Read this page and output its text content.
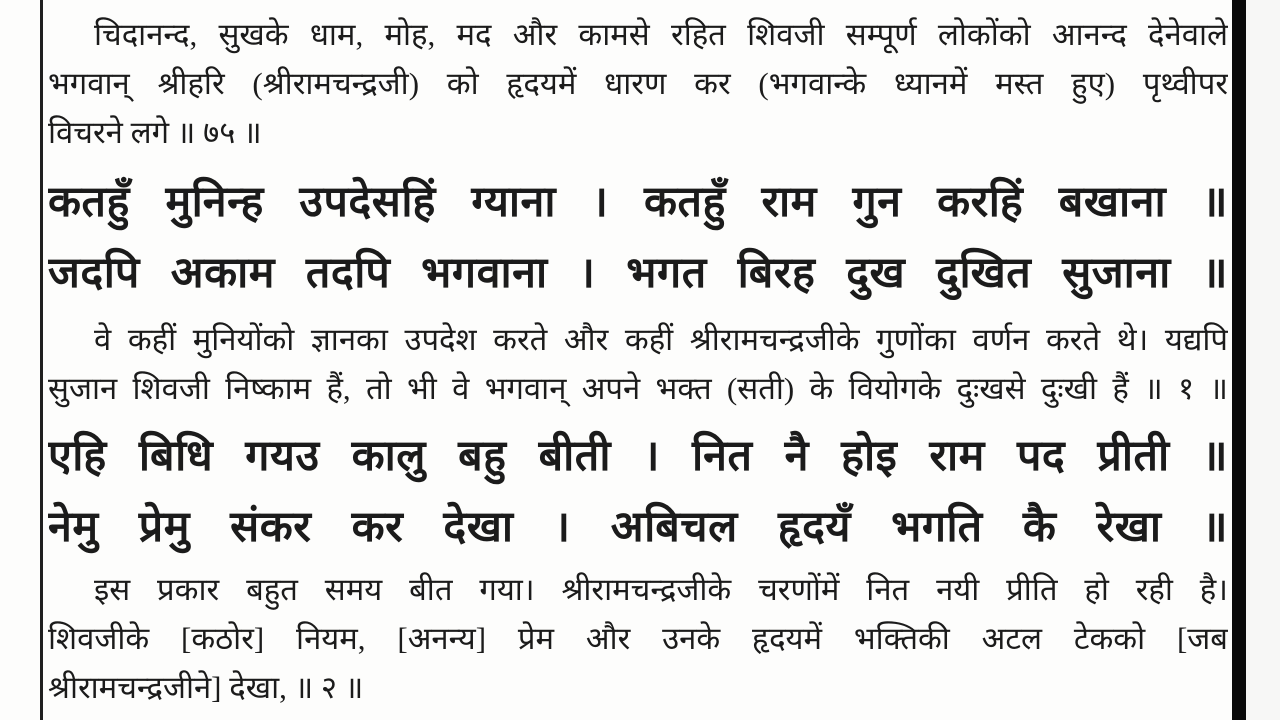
चिदानन्द, सुखके धाम, मोह, मद और कामसे रहित शिवजी सम्पूर्ण लोकोंको आनन्द देनेवाले
भगवान् श्रीहरि (श्रीरामचन्द्रजी) को हृदयमें धारण कर (भगवान्के ध्यानमें मस्त हुए) पृथ्वीपर
विचरने लगे ॥ ७५ ॥
कतहुँ मुनिन्ह उपदेसहिं ग्याना । कतहुँ राम गुन करहिं बखाना ॥
जदपि अकाम तदपि भगवाना । भगत बिरह दुख दुखित सुजाना ॥
वे कहीं मुनियोंको ज्ञानका उपदेश करते और कहीं श्रीरामचन्द्रजीके गुणोंका वर्णन करते थे। यद्यपि
सुजान शिवजी निष्काम हैं, तो भी वे भगवान् अपने भक्त (सती) के वियोगके दुःखसे दुःखी हैं ॥ १ ॥
एहि बिधि गयउ कालु बहु बीती । नित नै होइ राम पद प्रीती ॥
नेमु प्रेमु संकर कर देखा । अबिचल हृदयँ भगति कै रेखा ॥
इस प्रकार बहुत समय बीत गया। श्रीरामचन्द्रजीके चरणोंमें नित नयी प्रीति हो रही है।
शिवजीके [कठोर] नियम, [अनन्य] प्रेम और उनके हृदयमें भक्तिकी अटल टेकको [जब
श्रीरामचन्द्रजीने] देखा, ॥ २ ॥
